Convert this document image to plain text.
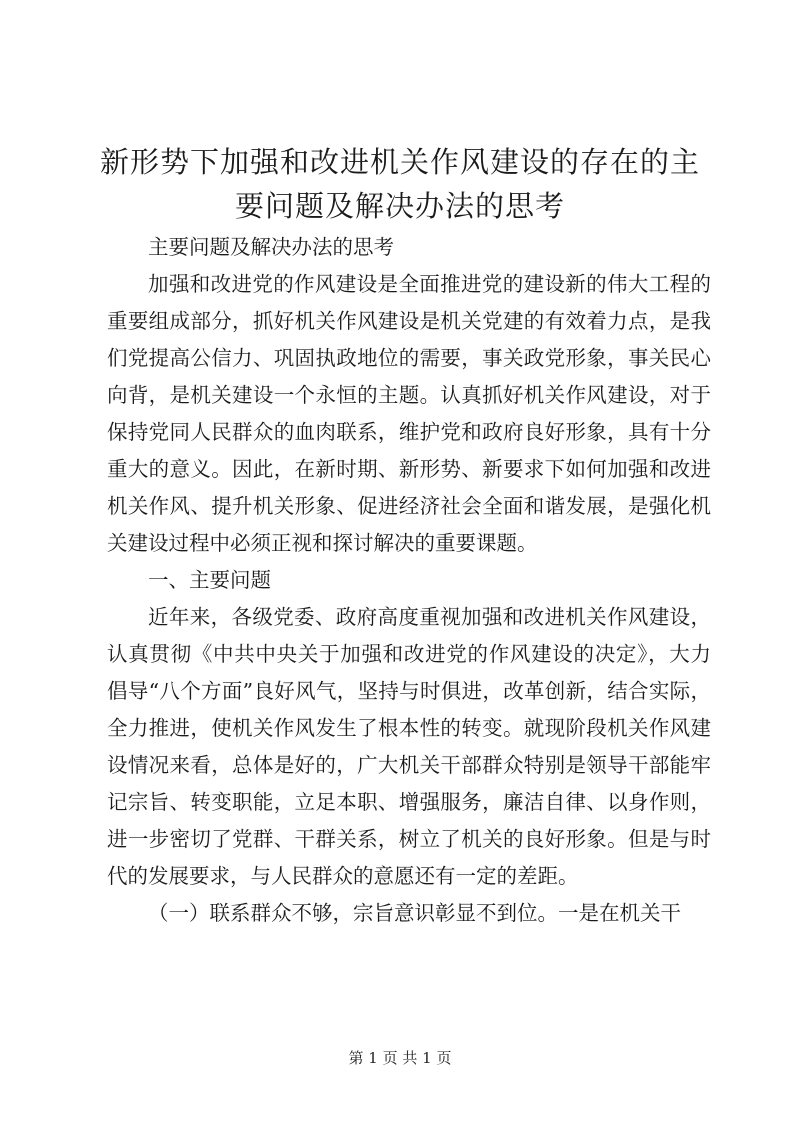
新形势下加强和改进机关作风建设的存在的主要问题及解决办法的思考

主要问题及解决办法的思考

加强和改进党的作风建设是全面推进党的建设新的伟大工程的重要组成部分，抓好机关作风建设是机关党建的有效着力点，是我们党提高公信力、巩固执政地位的需要，事关政党形象，事关民心向背，是机关建设一个永恒的主题。认真抓好机关作风建设，对于保持党同人民群众的血肉联系，维护党和政府良好形象，具有十分重大的意义。因此，在新时期、新形势、新要求下如何加强和改进机关作风、提升机关形象、促进经济社会全面和谐发展，是强化机关建设过程中必须正视和探讨解决的重要课题。

一、主要问题

近年来，各级党委、政府高度重视加强和改进机关作风建设，认真贯彻《中共中央关于加强和改进党的作风建设的决定》，大力倡导“八个方面”良好风气，坚持与时俱进，改革创新，结合实际，全力推进，使机关作风发生了根本性的转变。就现阶段机关作风建设情况来看，总体是好的，广大机关干部群众特别是领导干部能牢记宗旨、转变职能，立足本职、增强服务，廉洁自律、以身作则，进一步密切了党群、干群关系，树立了机关的良好形象。但是与时代的发展要求，与人民群众的意愿还有一定的差距。

（一）联系群众不够，宗旨意识彰显不到位。一是在机关干

第 1 页 共 1 页
